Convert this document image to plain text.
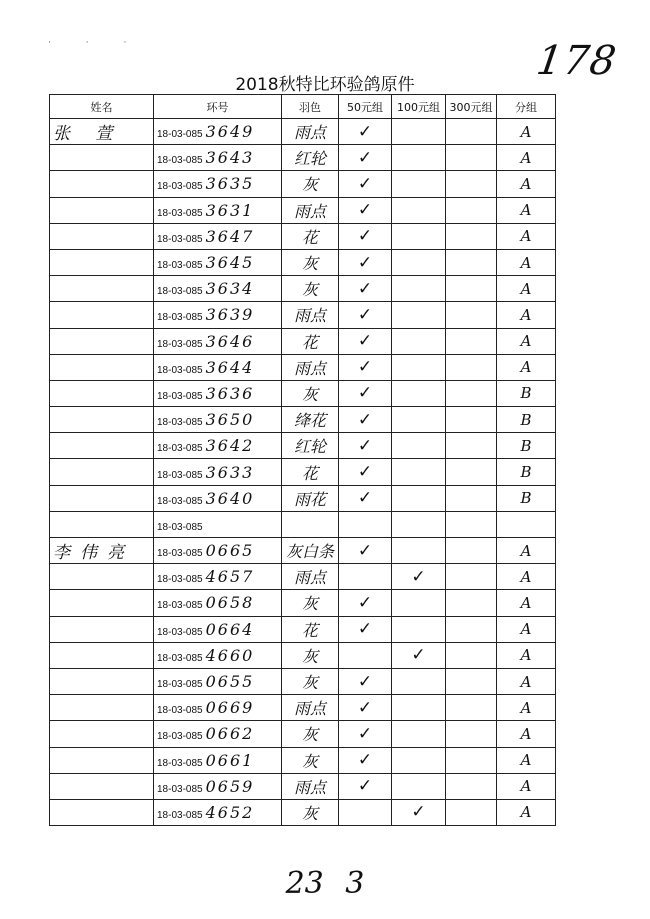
· · ·	178
2018秋特比环验鸽原件
姓名	环号	羽色	50元组	100元组	300元组	分组
张 萱	18-03-085 3649	雨点	✓			A
	18-03-085 3643	红轮	✓			A
	18-03-085 3635	灰	✓			A
	18-03-085 3631	雨点	✓			A
	18-03-085 3647	花	✓			A
	18-03-085 3645	灰	✓			A
	18-03-085 3634	灰	✓			A
	18-03-085 3639	雨点	✓			A
	18-03-085 3646	花	✓			A
	18-03-085 3644	雨点	✓			A
	18-03-085 3636	灰	✓			B
	18-03-085 3650	绛花	✓			B
	18-03-085 3642	红轮	✓			B
	18-03-085 3633	花	✓			B
	18-03-085 3640	雨花	✓			B
	18-03-085					
李伟亮	18-03-085 0665	灰白条	✓			A
	18-03-085 4657	雨点		✓		A
	18-03-085 0658	灰	✓			A
	18-03-085 0664	花	✓			A
	18-03-085 4660	灰		✓		A
	18-03-085 0655	灰	✓			A
	18-03-085 0669	雨点	✓			A
	18-03-085 0662	灰	✓			A
	18-03-085 0661	灰	✓			A
	18-03-085 0659	雨点	✓			A
	18-03-085 4652	灰		✓		A
23 3
